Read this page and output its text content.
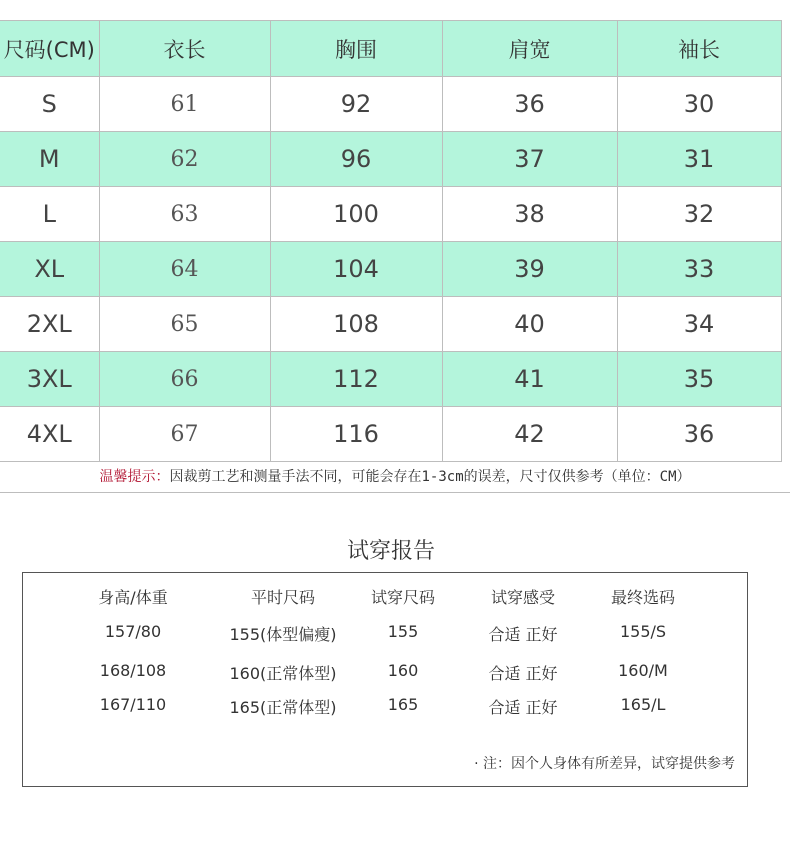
尺码(CM)	衣长	胸围	肩宽	袖长
S	61	92	36	30
M	62	96	37	31
L	63	100	38	32
XL	64	104	39	33
2XL	65	108	40	34
3XL	66	112	41	35
4XL	67	116	42	36
温馨提示：因裁剪工艺和测量手法不同，可能会存在1-3cm的误差，尺寸仅供参考（单位：CM）
试穿报告
身高/体重	平时尺码	试穿尺码	试穿感受	最终选码
157/80	155(体型偏瘦)	155	合适 正好	155/S
168/108	160(正常体型)	160	合适 正好	160/M
167/110	165(正常体型)	165	合适 正好	165/L
· 注：因个人身体有所差异，试穿提供参考
